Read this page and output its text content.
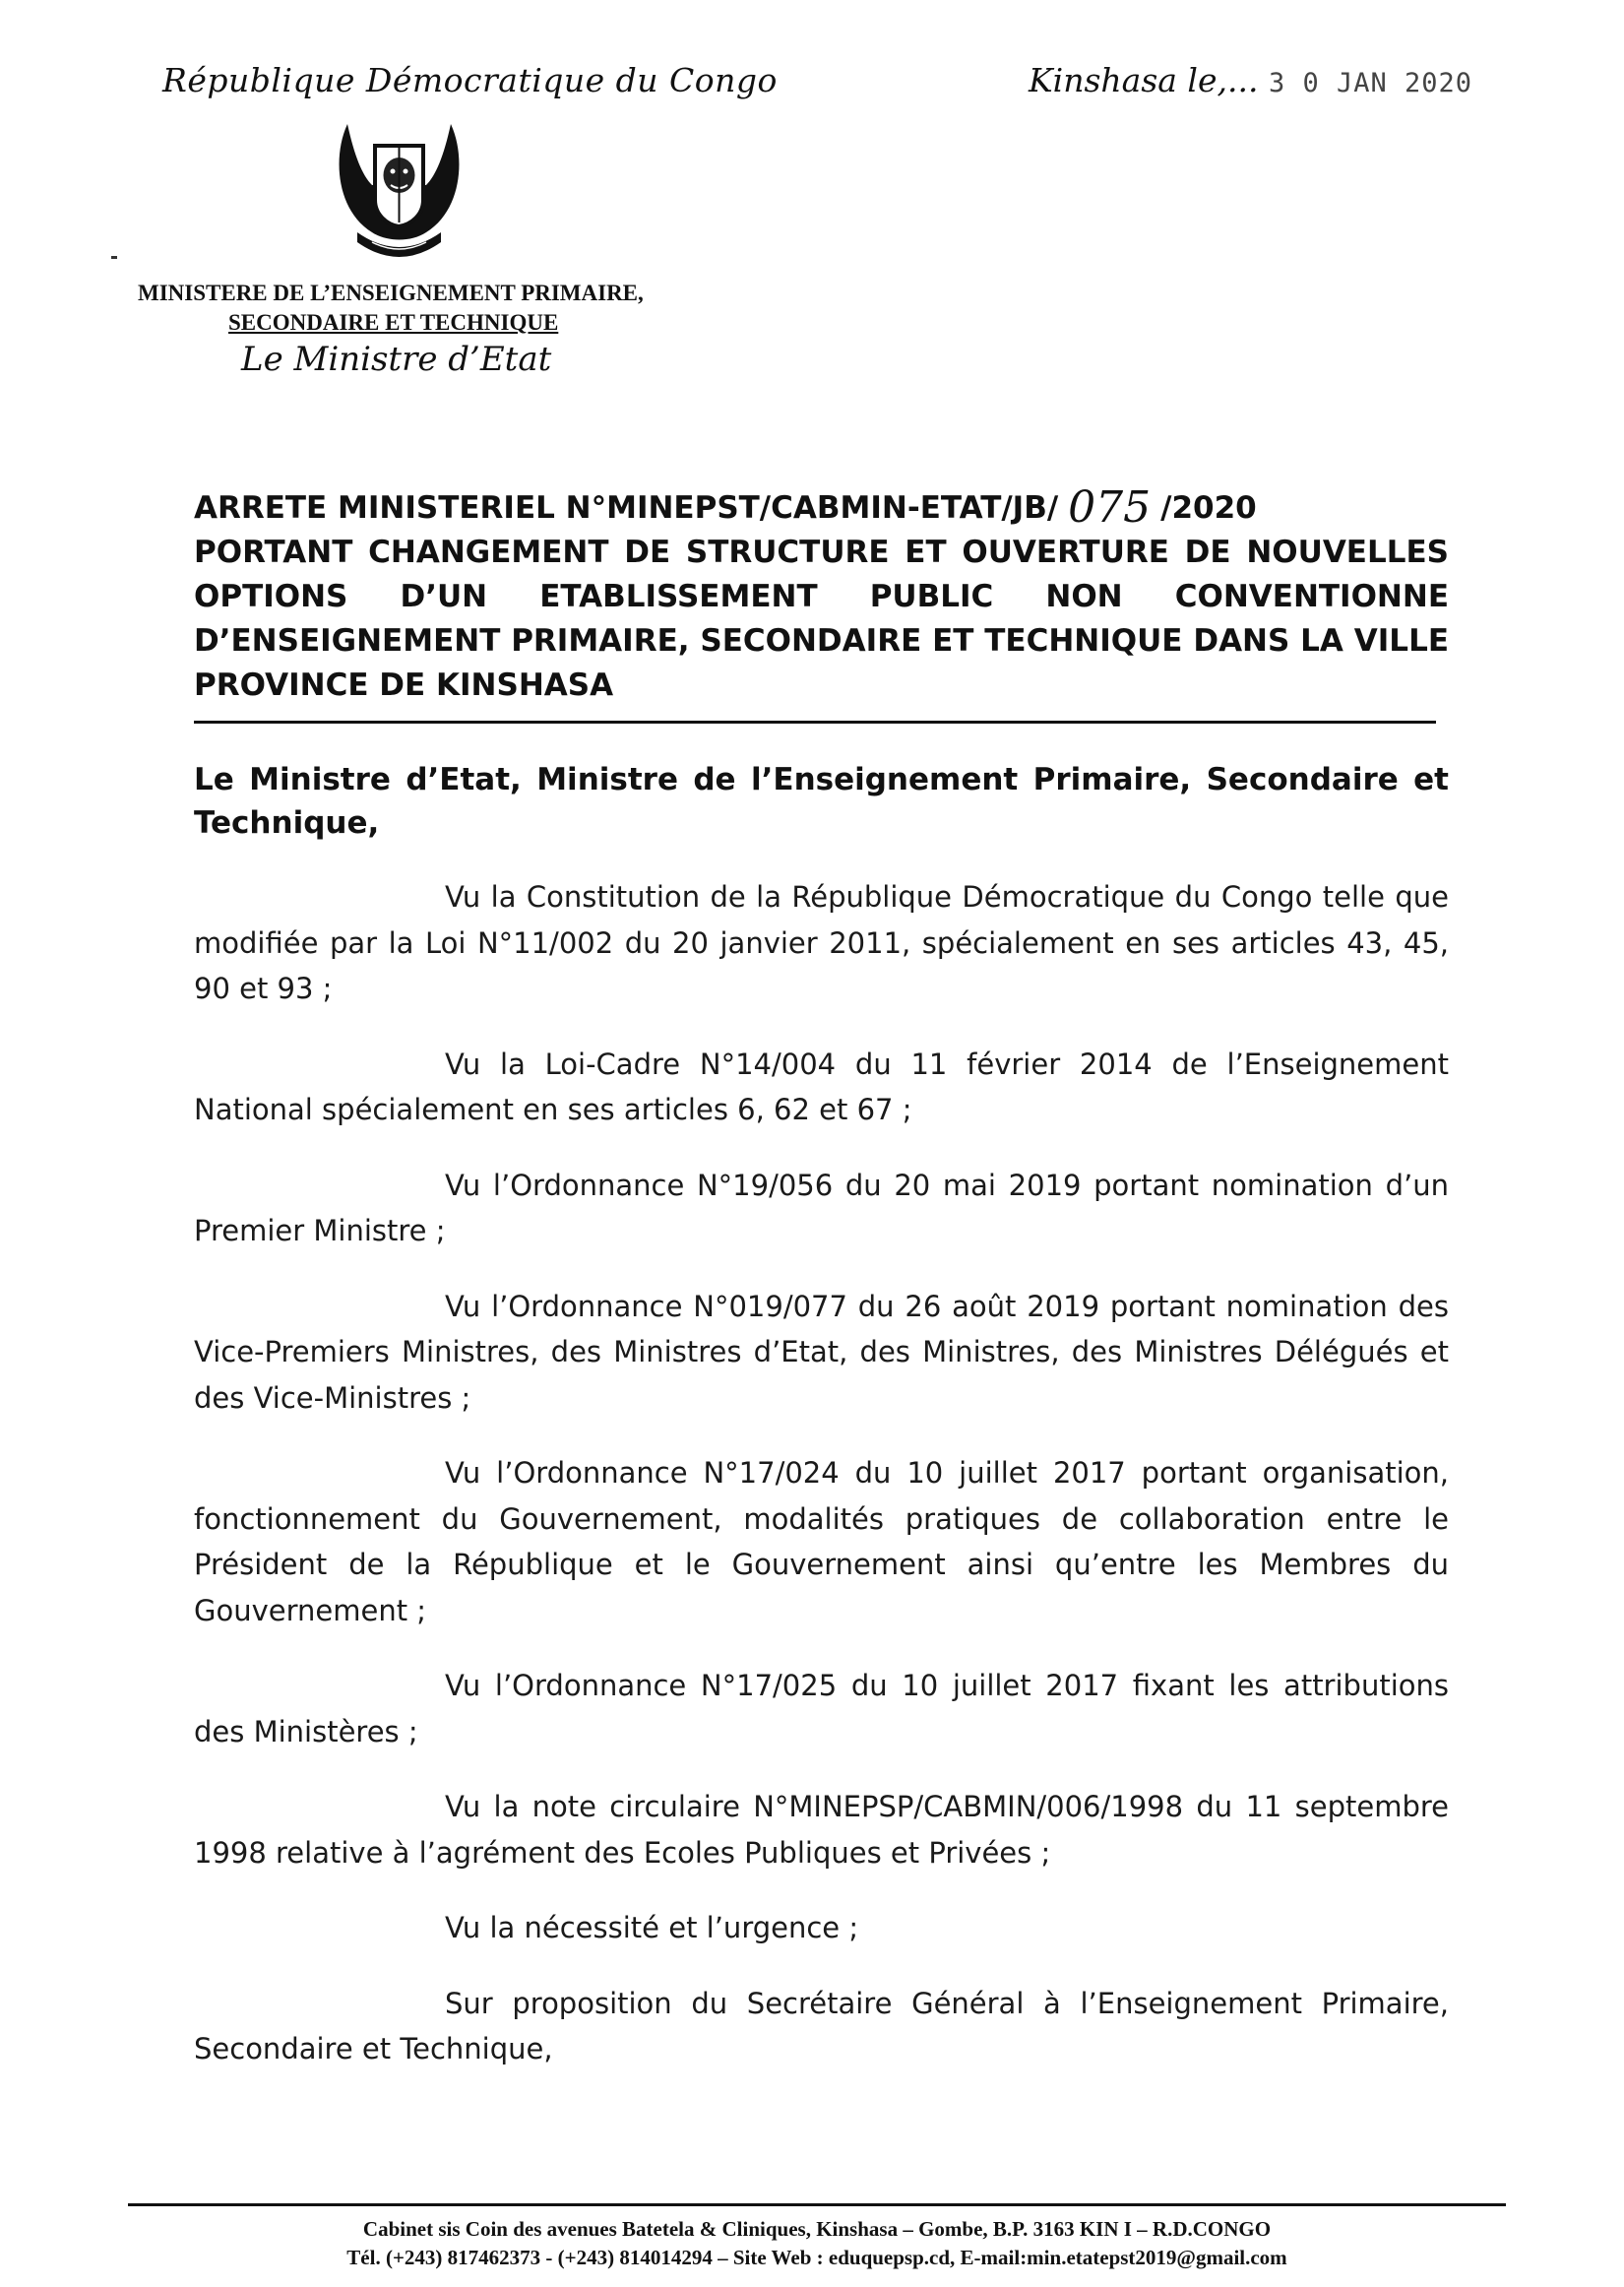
République Démocratique du Congo	Kinshasa le,... 3 0 JAN 2020
MINISTERE DE L’ENSEIGNEMENT PRIMAIRE,
SECONDAIRE ET TECHNIQUE
Le Ministre d’Etat
ARRETE MINISTERIEL N°MINEPST/CABMIN-ETAT/JB/ 075 /2020
PORTANT CHANGEMENT DE STRUCTURE ET OUVERTURE DE NOUVELLES OPTIONS D’UN ETABLISSEMENT PUBLIC NON CONVENTIONNE D’ENSEIGNEMENT PRIMAIRE, SECONDAIRE ET TECHNIQUE DANS LA VILLE PROVINCE DE KINSHASA
Le Ministre d’Etat, Ministre de l’Enseignement Primaire, Secondaire et Technique,

Vu la Constitution de la République Démocratique du Congo telle que modifiée par la Loi N°11/002 du 20 janvier 2011, spécialement en ses articles 43, 45, 90 et 93 ;

Vu la Loi-Cadre N°14/004 du 11 février 2014 de l’Enseignement National spécialement en ses articles 6, 62 et 67 ;

Vu l’Ordonnance N°19/056 du 20 mai 2019 portant nomination d’un Premier Ministre ;

Vu l’Ordonnance N°019/077 du 26 août 2019 portant nomination des Vice-Premiers Ministres, des Ministres d’Etat, des Ministres, des Ministres Délégués et des Vice-Ministres ;

Vu l’Ordonnance N°17/024 du 10 juillet 2017 portant organisation, fonctionnement du Gouvernement, modalités pratiques de collaboration entre le Président de la République et le Gouvernement ainsi qu’entre les Membres du Gouvernement ;

Vu l’Ordonnance N°17/025 du 10 juillet 2017 fixant les attributions des Ministères ;

Vu la note circulaire N°MINEPSP/CABMIN/006/1998 du 11 septembre 1998 relative à l’agrément des Ecoles Publiques et Privées ;

Vu la nécessité et l’urgence ;

Sur proposition du Secrétaire Général à l’Enseignement Primaire, Secondaire et Technique,

Cabinet sis Coin des avenues Batetela & Cliniques, Kinshasa – Gombe, B.P. 3163 KIN I – R.D.CONGO
Tél. (+243) 817462373 - (+243) 814014294 – Site Web : eduquepsp.cd, E-mail:min.etatepst2019@gmail.com
